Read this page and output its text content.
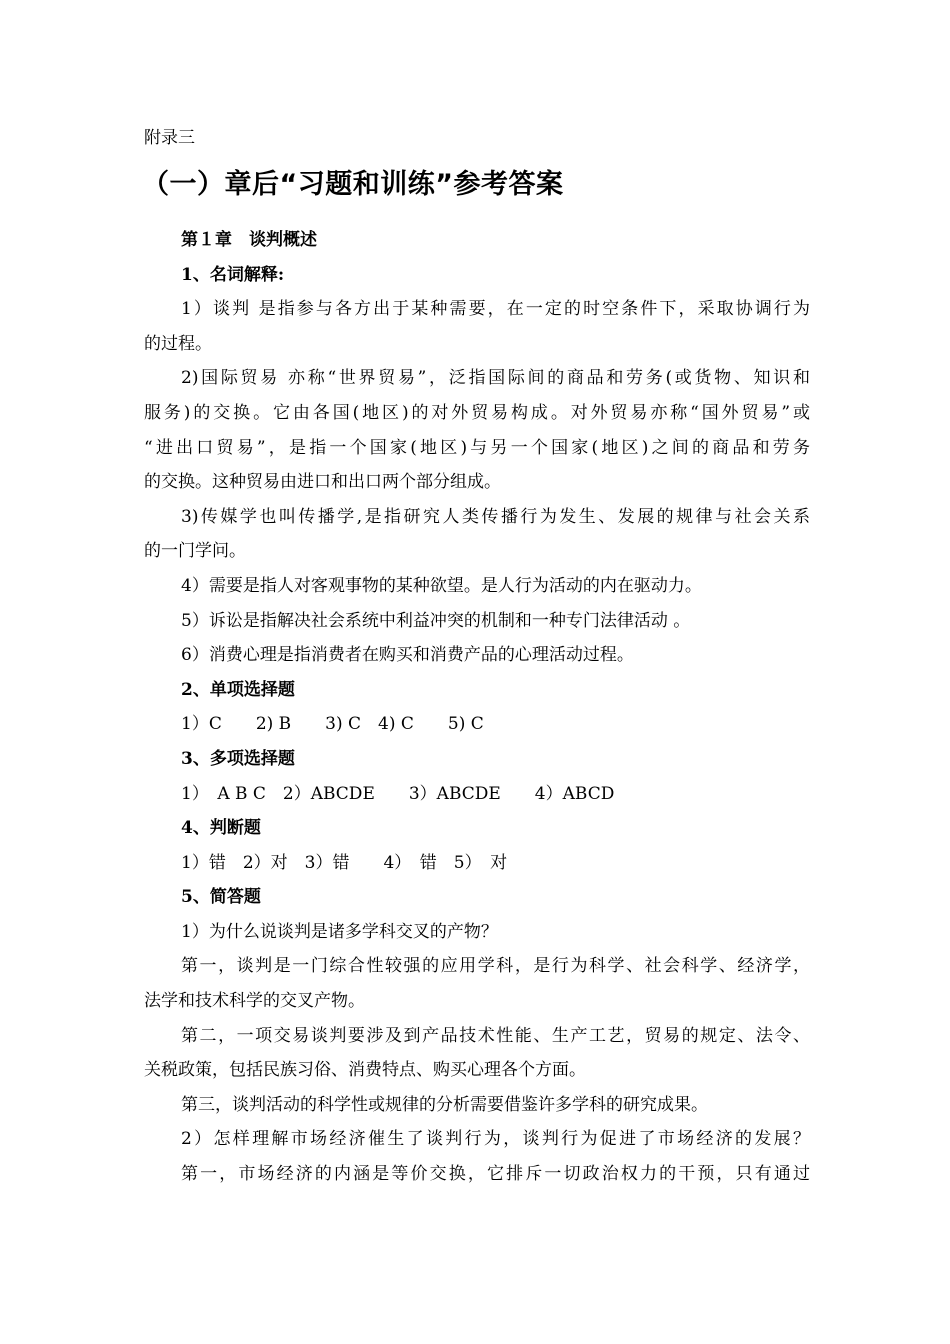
附录三
（一）章后“习题和训练”参考答案
第１章　谈判概述
1、名词解释:
1）谈判 是指参与各方出于某种需要，在一定的时空条件下，采取协调行为
的过程。
2)国际贸易 亦称“世界贸易”，泛指国际间的商品和劳务(或货物、知识和
服务)的交换。它由各国(地区)的对外贸易构成。对外贸易亦称“国外贸易”或
“进出口贸易”，是指一个国家(地区)与另一个国家(地区)之间的商品和劳务
的交换。这种贸易由进口和出口两个部分组成。
3)传媒学也叫传播学,是指研究人类传播行为发生、发展的规律与社会关系
的一门学问。
4）需要是指人对客观事物的某种欲望。是人行为活动的内在驱动力。
5）诉讼是指解决社会系统中利益冲突的机制和一种专门法律活动 。
6）消费心理是指消费者在购买和消费产品的心理活动过程。
2、单项选择题
1）C　　2) B　　3) C　4) C　　5) C
3、多项选择题
1）　A B C　2）ABCDE　　3）ABCDE　　4）ABCD
4、判断题
1）错　2）对　3）错　　4）　错　5）　对
5、简答题
1）为什么说谈判是诸多学科交叉的产物？
第一，谈判是一门综合性较强的应用学科，是行为科学、社会科学、经济学，
法学和技术科学的交叉产物。
第二，一项交易谈判要涉及到产品技术性能、生产工艺，贸易的规定、法令、
关税政策，包括民族习俗、消费特点、购买心理各个方面。
第三，谈判活动的科学性或规律的分析需要借鉴许多学科的研究成果。
2）怎样理解市场经济催生了谈判行为，谈判行为促进了市场经济的发展？
第一，市场经济的内涵是等价交换，它排斥一切政治权力的干预，只有通过
